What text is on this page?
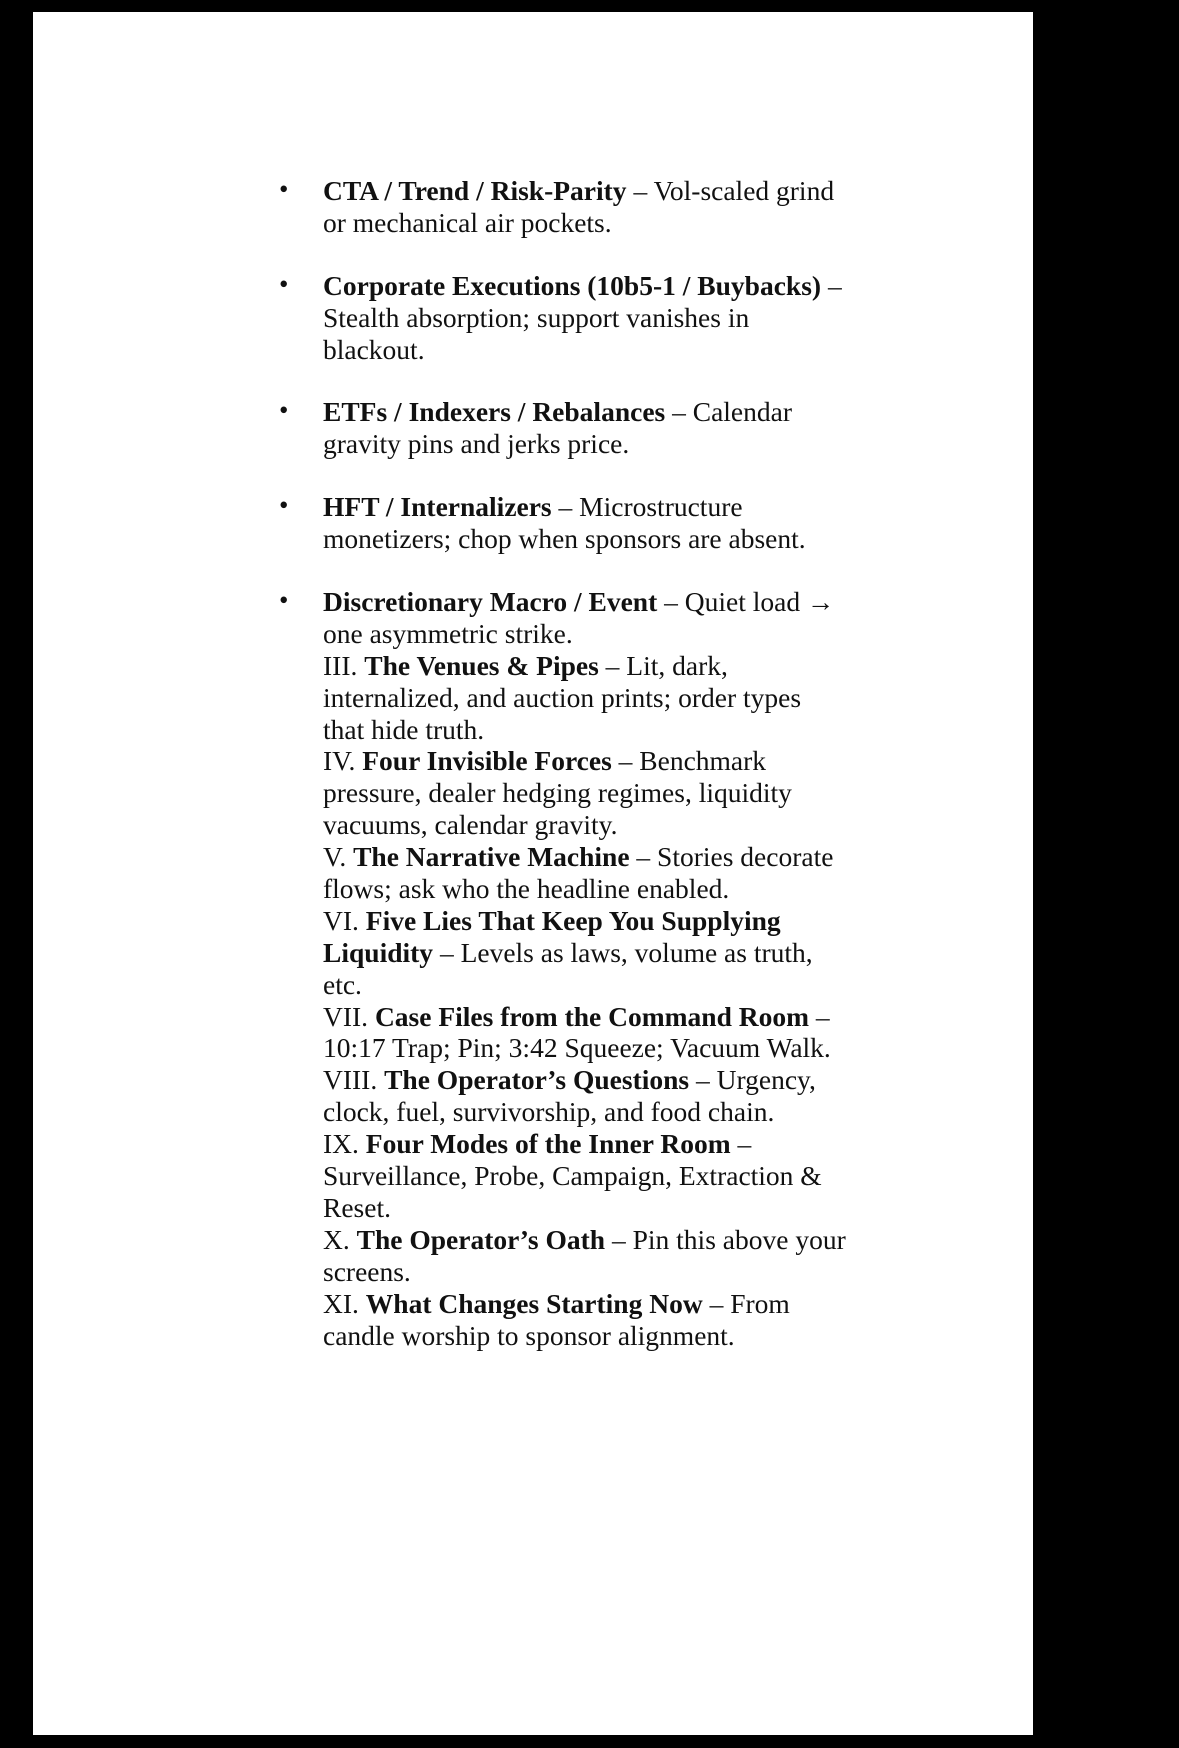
• CTA / Trend / Risk-Parity – Vol-scaled grind or mechanical air pockets.
• Corporate Executions (10b5-1 / Buybacks) – Stealth absorption; support vanishes in blackout.
• ETFs / Indexers / Rebalances – Calendar gravity pins and jerks price.
• HFT / Internalizers – Microstructure monetizers; chop when sponsors are absent.
• Discretionary Macro / Event – Quiet load → one asymmetric strike.
III. The Venues & Pipes – Lit, dark, internalized, and auction prints; order types that hide truth.
IV. Four Invisible Forces – Benchmark pressure, dealer hedging regimes, liquidity vacuums, calendar gravity.
V. The Narrative Machine – Stories decorate flows; ask who the headline enabled.
VI. Five Lies That Keep You Supplying Liquidity – Levels as laws, volume as truth, etc.
VII. Case Files from the Command Room – 10:17 Trap; Pin; 3:42 Squeeze; Vacuum Walk.
VIII. The Operator’s Questions – Urgency, clock, fuel, survivorship, and food chain.
IX. Four Modes of the Inner Room – Surveillance, Probe, Campaign, Extraction & Reset.
X. The Operator’s Oath – Pin this above your screens.
XI. What Changes Starting Now – From candle worship to sponsor alignment.
